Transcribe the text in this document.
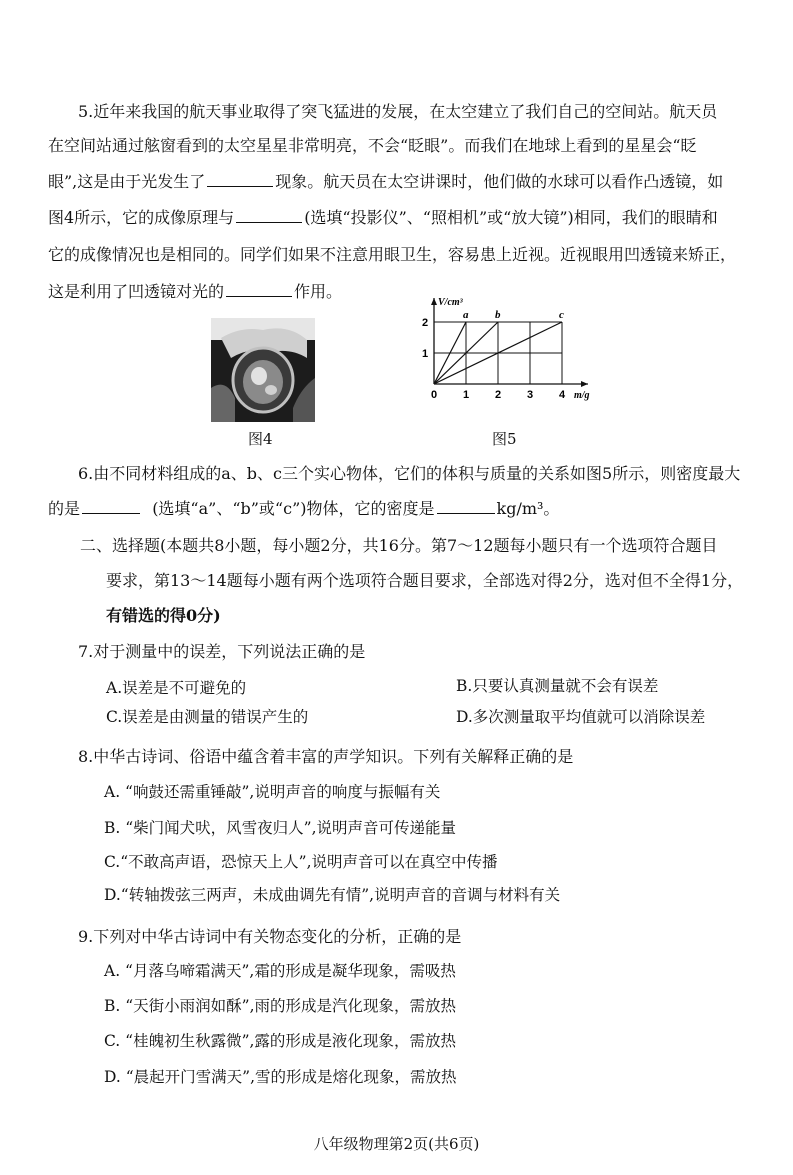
5.近年来我国的航天事业取得了突飞猛进的发展，在太空建立了我们自己的空间站。航天员
在空间站通过舷窗看到的太空星星非常明亮，不会“眨眼”。而我们在地球上看到的星星会“眨
眼”,这是由于光发生了	现象。航天员在太空讲课时，他们做的水球可以看作凸透镜，如
图4所示，它的成像原理与	(选填“投影仪”、“照相机”或“放大镜”)相同，我们的眼睛和
它的成像情况也是相同的。同学们如果不注意用眼卫生，容易患上近视。近视眼用凹透镜来矫正，
这是利用了凹透镜对光的	作用。
图4
a b	c
0 1 2 3 4
1
2
m/g
V/cm³
图5
6.由不同材料组成的a、b、c三个实心物体，它们的体积与质量的关系如图5所示，则密度最大
的是	(选填“a”、“b”或“c”)物体，它的密度是	kg/m³。
二、选择题(本题共8小题，每小题2分，共16分。第7～12题每小题只有一个选项符合题目
要求，第13～14题每小题有两个选项符合题目要求，全部选对得2分，选对但不全得1分，
有错选的得0分)
7.对于测量中的误差，下列说法正确的是
A.误差是不可避免的	B.只要认真测量就不会有误差
C.误差是由测量的错误产生的	D.多次测量取平均值就可以消除误差
8.中华古诗词、俗语中蕴含着丰富的声学知识。下列有关解释正确的是
A. “响鼓还需重锤敲”,说明声音的响度与振幅有关
B. “柴门闻犬吠，风雪夜归人”,说明声音可传递能量
C.“不敢高声语，恐惊天上人”,说明声音可以在真空中传播
D.“转轴拨弦三两声，未成曲调先有情”,说明声音的音调与材料有关
9.下列对中华古诗词中有关物态变化的分析，正确的是
A. “月落乌啼霜满天”,霜的形成是凝华现象，需吸热
B. “天街小雨润如酥”,雨的形成是汽化现象，需放热
C. “桂魄初生秋露微”,露的形成是液化现象，需放热
D. “晨起开门雪满天”,雪的形成是熔化现象，需放热
八年级物理第2页(共6页)
